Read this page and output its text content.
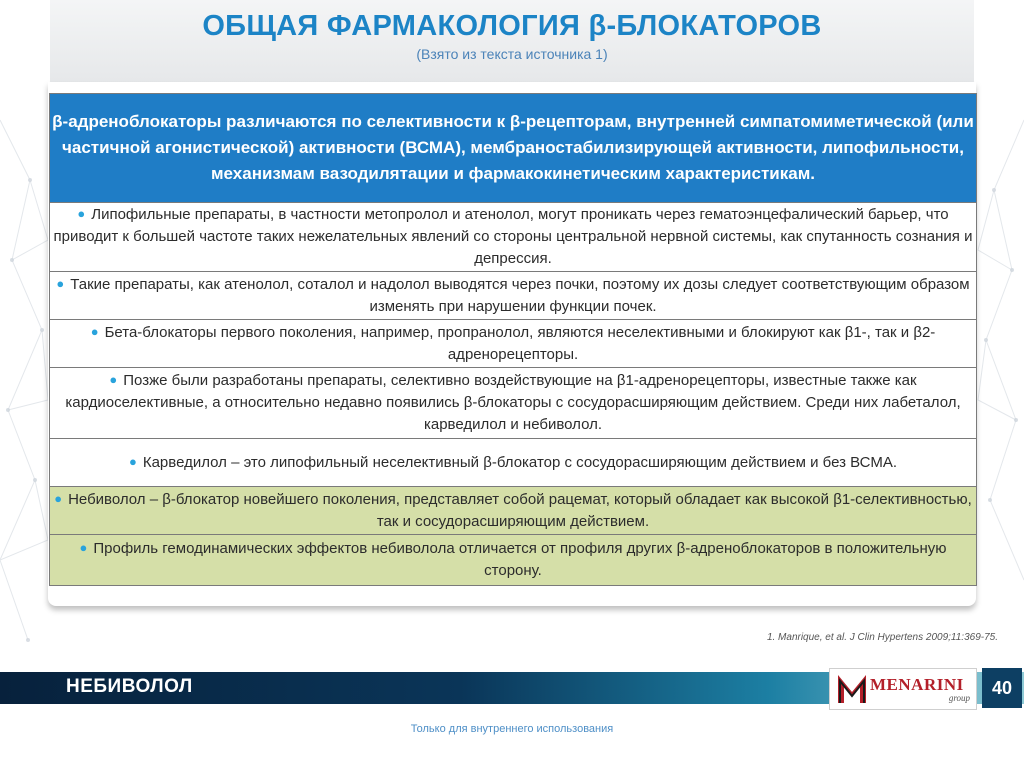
ОБЩАЯ ФАРМАКОЛОГИЯ β-БЛОКАТОРОВ
(Взято из текста источника 1)
β-адреноблокаторы различаются по селективности к β-рецепторам, внутренней симпатомиметической (или частичной агонистической) активности (ВСМА), мембраностабилизирующей активности, липофильности, механизмам вазодилятации и фармакокинетическим характеристикам.
● Липофильные препараты, в частности метопролол и атенолол, могут проникать через гематоэнцефалический барьер, что приводит к большей частоте таких нежелательных явлений со стороны центральной нервной системы, как спутанность сознания и депрессия.
● Такие препараты, как атенолол, соталол и надолол выводятся через почки, поэтому их дозы следует соответствующим образом изменять при нарушении функции почек.
● Бета-блокаторы первого поколения, например, пропранолол, являются неселективными и блокируют как β1-, так и β2-адренорецепторы.
● Позже были разработаны препараты, селективно воздействующие на β1-адренорецепторы, известные также как кардиоселективные, а относительно недавно появились β-блокаторы с сосудорасширяющим действием. Среди них лабеталол, карведилол и небиволол.
● Карведилол – это липофильный неселективный β-блокатор с сосудорасширяющим действием и без ВСМА.
● Небиволол – β-блокатор новейшего поколения, представляет собой рацемат, который обладает как высокой β1-селективностью, так и сосудорасширяющим действием.
● Профиль гемодинамических эффектов небиволола отличается от профиля других β-адреноблокаторов в положительную сторону.
1. Manrique, et al. J Clin Hypertens 2009;11:369-75.
НЕБИВОЛОЛ	MENARINI
group	40
Только для внутреннего использования
